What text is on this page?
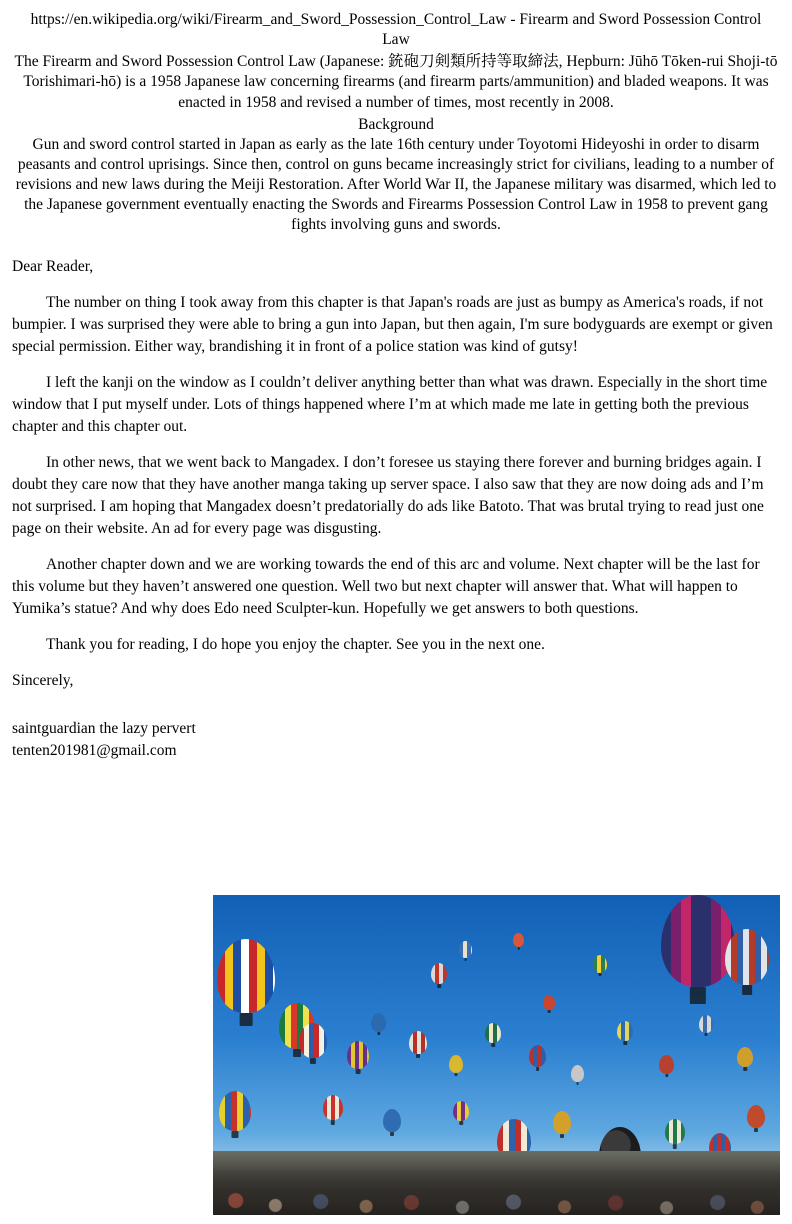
https://en.wikipedia.org/wiki/Firearm_and_Sword_Possession_Control_Law - Firearm and Sword Possession Control Law
The Firearm and Sword Possession Control Law (Japanese: 銃砲刀剣類所持等取締法, Hepburn: Jūhō Tōken-rui Shoji-tō Torishimari-hō) is a 1958 Japanese law concerning firearms (and firearm parts/ammunition) and bladed weapons. It was enacted in 1958 and revised a number of times, most recently in 2008.
Background
Gun and sword control started in Japan as early as the late 16th century under Toyotomi Hideyoshi in order to disarm peasants and control uprisings. Since then, control on guns became increasingly strict for civilians, leading to a number of revisions and new laws during the Meiji Restoration. After World War II, the Japanese military was disarmed, which led to the Japanese government eventually enacting the Swords and Firearms Possession Control Law in 1958 to prevent gang fights involving guns and swords.

Dear Reader,

The number on thing I took away from this chapter is that Japan's roads are just as bumpy as America's roads, if not bumpier. I was surprised they were able to bring a gun into Japan, but then again, I'm sure bodyguards are exempt or given special permission. Either way, brandishing it in front of a police station was kind of gutsy!

I left the kanji on the window as I couldn’t deliver anything better than what was drawn. Especially in the short time window that I put myself under. Lots of things happened where I’m at which made me late in getting both the previous chapter and this chapter out.

In other news, that we went back to Mangadex. I don’t foresee us staying there forever and burning bridges again. I doubt they care now that they have another manga taking up server space. I also saw that they are now doing ads and I’m not surprised. I am hoping that Mangadex doesn’t predatorially do ads like Batoto. That was brutal trying to read just one page on their website. An ad for every page was disgusting.

Another chapter down and we are working towards the end of this arc and volume. Next chapter will be the last for this volume but they haven’t answered one question. Well two but next chapter will answer that. What will happen to Yumika’s statue? And why does Edo need Sculpter-kun. Hopefully we get answers to both questions.

Thank you for reading, I do hope you enjoy the chapter. See you in the next one.

Sincerely,

saintguardian the lazy pervert
tenten201981@gmail.com
